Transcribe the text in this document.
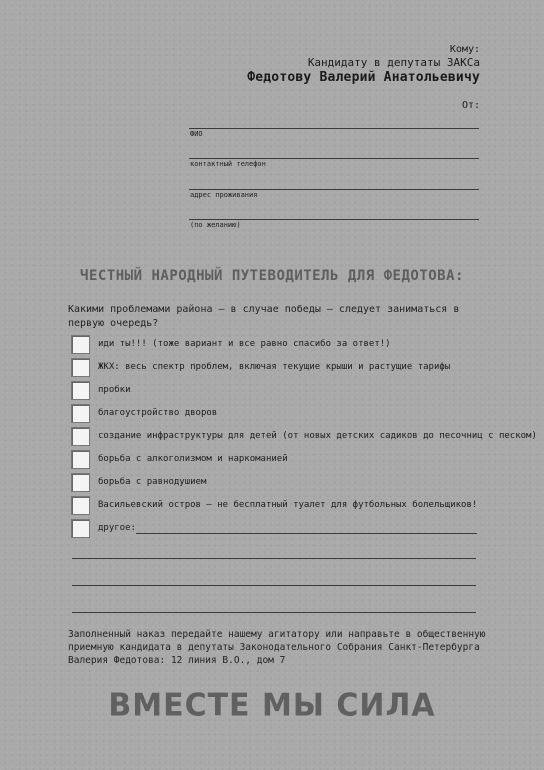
Кому:
Кандидату в депутаты ЗАКСа
Федотову Валерий Анатольевичу
От:
ФИО
контактный телефон
адрес проживания
(по желанию)
ЧЕСТНЫЙ НАРОДНЫЙ ПУТЕВОДИТЕЛЬ ДЛЯ ФЕДОТОВА:
Какими проблемами района — в случае победы — следует заниматься в первую очередь?
иди ты!!! (тоже вариант и все равно спасибо за ответ!)
ЖКХ: весь спектр проблем, включая текущие крыши и растущие тарифы
пробки
благоустройство дворов
создание инфраструктуры для детей (от новых детских садиков до песочниц с песком)
борьба с алкоголизмом и наркоманией
борьба с равнодушием
Васильевский остров — не бесплатный туалет для футбольных болельщиков!
другое:
Заполненный наказ передайте нашему агитатору или направьте в общественную приемную кандидата в депутаты Законодательного Собрания Санкт-Петербурга Валерия Федотова: 12 линия В.О., дом 7
ВМЕСТЕ МЫ СИЛА
